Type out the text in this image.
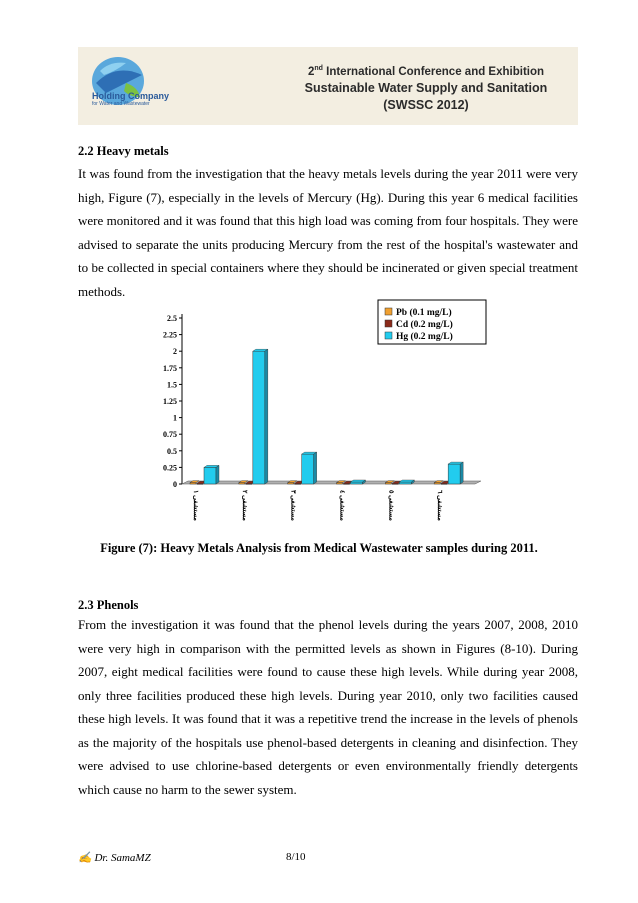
Holding Company
for Water and Wastewater
2nd International Conference and Exhibition
Sustainable Water Supply and Sanitation

(SWSSC 2012)
2.2 Heavy metals
It was found from the investigation that the heavy metals levels during the year 2011 were very high, Figure (7), especially in the levels of Mercury (Hg). During this year 6 medical facilities were monitored and it was found that this high load was coming from four hospitals. They were advised to separate the units producing Mercury from the rest of the hospital's wastewater and to be collected in special containers where they should be incinerated or given special treatment methods.
0
0.25
0.5
0.75
1
1.25
1.5
1.75
2
2.25
2.5
مستشفى ١
مستشفى ٢
مستشفى ٣
مستشفى ٤
مستشفى ٥
مستشفى ٦
Pb (0.1 mg/L)
Cd (0.2 mg/L)
Hg (0.2 mg/L)
Figure (7): Heavy Metals Analysis from Medical Wastewater samples during 2011.
2.3 Phenols
From the investigation it was found that the phenol levels during the years 2007, 2008, 2010 were very high in comparison with the permitted levels as shown in Figures (8-10). During 2007, eight medical facilities were found to cause these high levels. While during year 2008, only three facilities produced these high levels. During year 2010, only two facilities caused these high levels. It was found that it was a repetitive trend the increase in the levels of phenols as the majority of the hospitals use phenol-based detergents in cleaning and disinfection. They were advised to use chlorine-based detergents or even environmentally friendly detergents which cause no harm to the sewer system.
✍ Dr. SamaMZ	8/10
